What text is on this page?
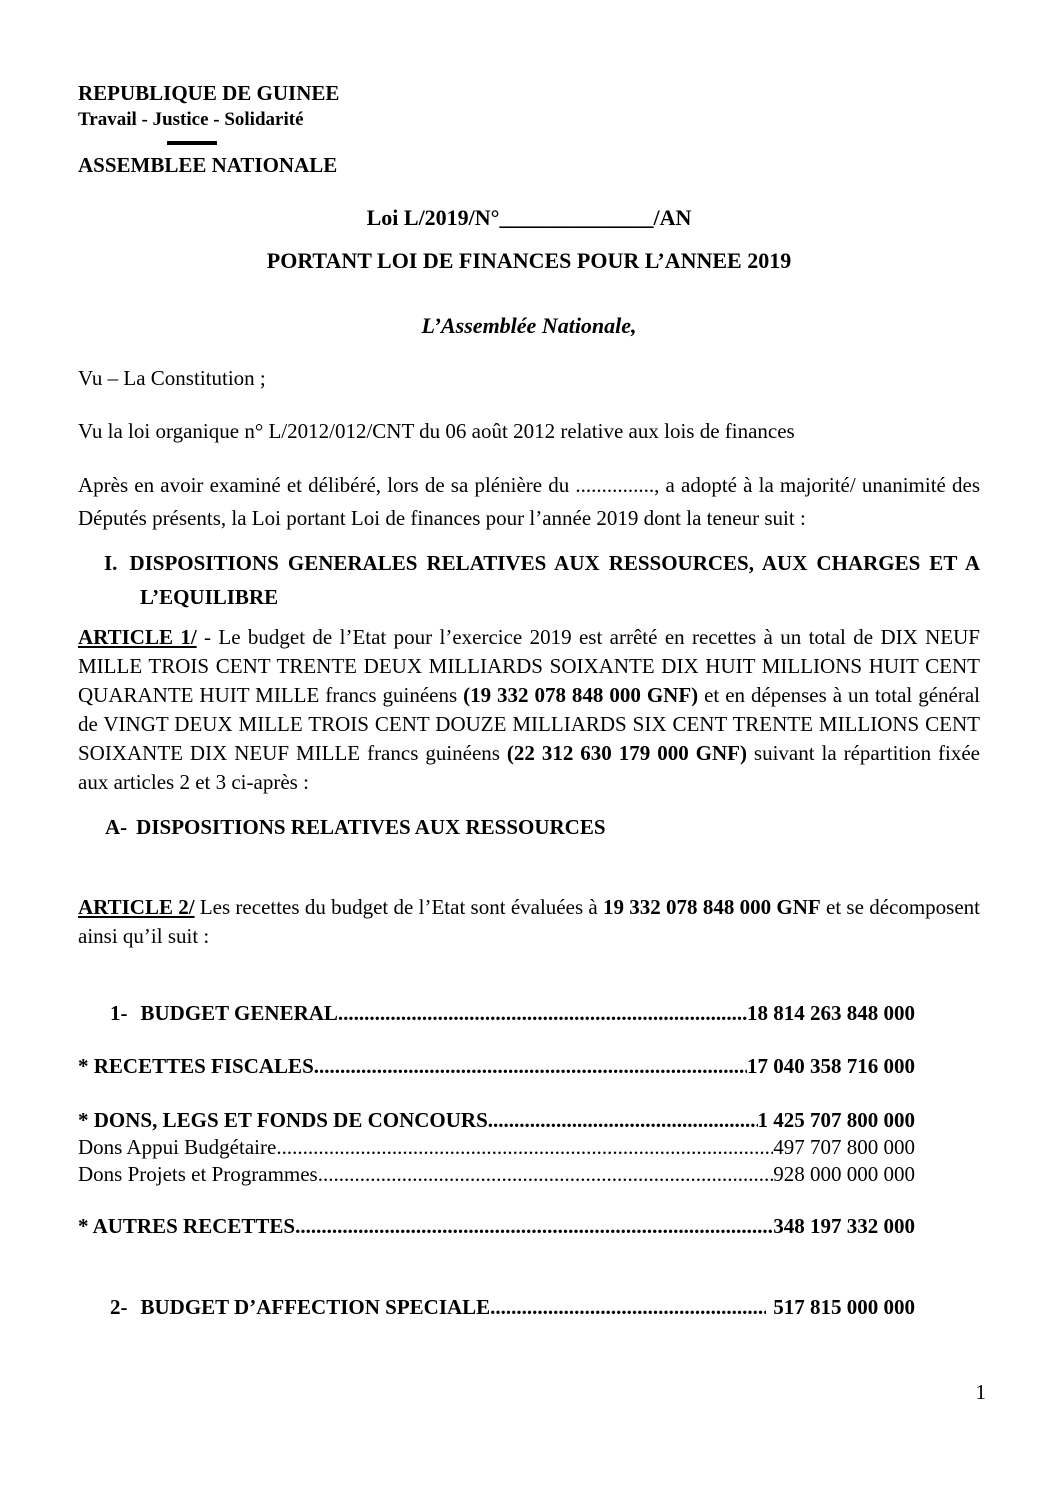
REPUBLIQUE DE GUINEE
Travail - Justice - Solidarité
ASSEMBLEE NATIONALE
Loi L/2019/N°______________/AN
PORTANT LOI DE FINANCES POUR L’ANNEE 2019
L’Assemblée Nationale,
Vu – La Constitution ;
Vu la loi organique n° L/2012/012/CNT du 06 août 2012 relative aux lois de finances
Après en avoir examiné et délibéré, lors de sa plénière du ..............., a adopté à la majorité/ unanimité des Députés présents, la Loi portant Loi de finances pour l’année 2019 dont la teneur suit :
I. DISPOSITIONS GENERALES RELATIVES AUX RESSOURCES, AUX CHARGES ET A L’EQUILIBRE
ARTICLE 1/ - Le budget de l’Etat pour l’exercice 2019 est arrêté en recettes à un total de DIX NEUF MILLE TROIS CENT TRENTE DEUX MILLIARDS SOIXANTE DIX HUIT MILLIONS HUIT CENT QUARANTE HUIT MILLE francs guinéens (19 332 078 848 000 GNF) et en dépenses à un total général de VINGT DEUX MILLE TROIS CENT DOUZE MILLIARDS SIX CENT TRENTE MILLIONS CENT SOIXANTE DIX NEUF MILLE francs guinéens (22 312 630 179 000 GNF) suivant la répartition fixée aux articles 2 et 3 ci-après :
A- DISPOSITIONS RELATIVES AUX RESSOURCES
ARTICLE 2/ Les recettes du budget de l’Etat sont évaluées à 19 332 078 848 000 GNF et se décomposent ainsi qu’il suit :
1- BUDGET GENERAL .....	18 814 263 848 000
* RECETTES FISCALES .....	17 040 358 716 000
* DONS, LEGS ET FONDS DE CONCOURS .....	1 425 707 800 000
Dons Appui Budgétaire .....	497 707 800 000
Dons Projets et Programmes .....	928 000 000 000
* AUTRES RECETTES .....	348 197 332 000
2- BUDGET D’AFFECTION SPECIALE .....	517 815 000 000
1
